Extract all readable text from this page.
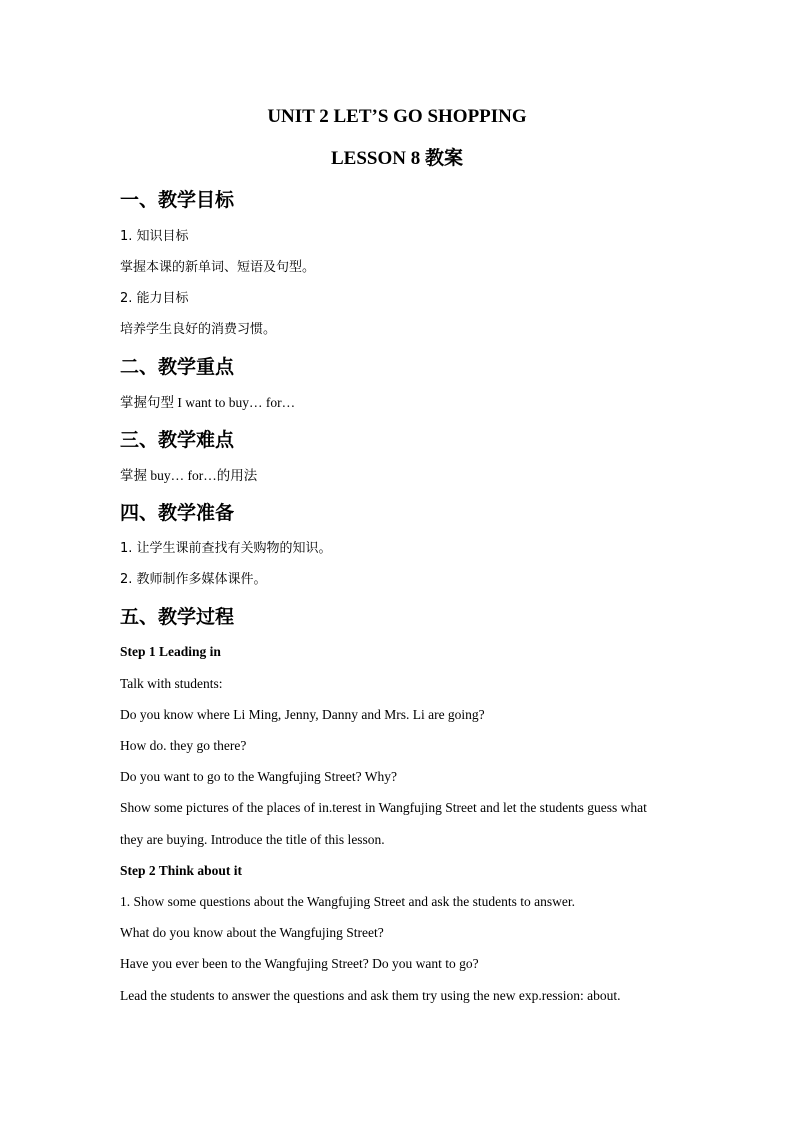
UNIT 2 LET’S GO SHOPPING
LESSON 8 教案
一、教学目标
1. 知识目标
掌握本课的新单词、短语及句型。
2. 能力目标
培养学生良好的消费习惯。
二、教学重点
掌握句型 I want to buy… for…
三、教学难点
掌握 buy… for…的用法
四、教学准备
1. 让学生课前查找有关购物的知识。
2. 教师制作多媒体课件。
五、教学过程
Step 1 Leading in
Talk with students:
Do you know where Li Ming, Jenny, Danny and Mrs. Li are going?
How do. they go there?
Do you want to go to the Wangfujing Street? Why?
Show some pictures of the places of in.terest in Wangfujing Street and let the students guess what
they are buying. Introduce the title of this lesson.
Step 2 Think about it
1. Show some questions about the Wangfujing Street and ask the students to answer.
What do you know about the Wangfujing Street?
Have you ever been to the Wangfujing Street? Do you want to go?
Lead the students to answer the questions and ask them try using the new exp.ression: about.
